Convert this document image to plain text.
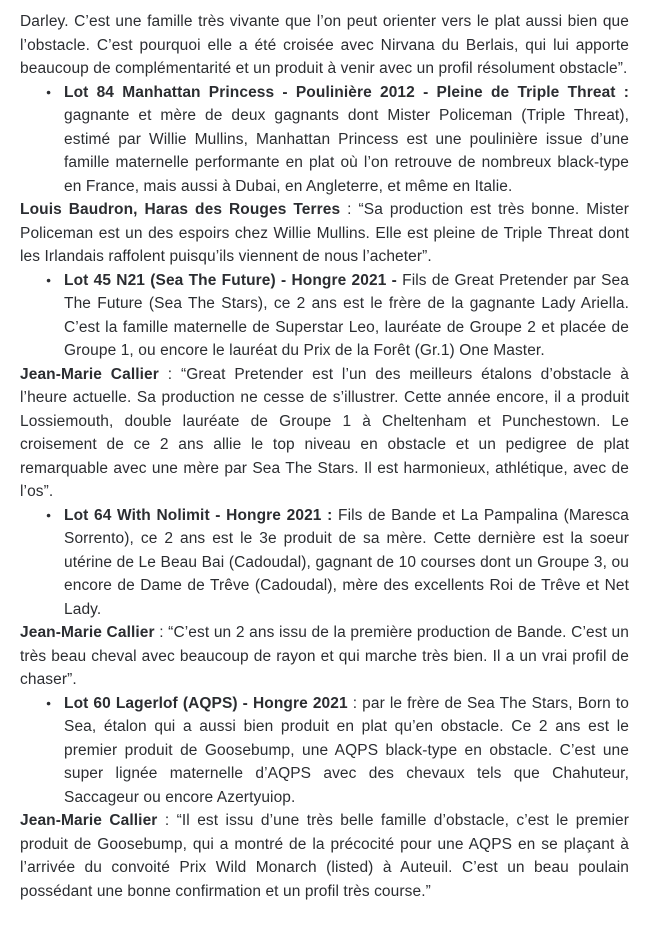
Darley. C’est une famille très vivante que l’on peut orienter vers le plat aussi bien que l’obstacle. C’est pourquoi elle a été croisée avec Nirvana du Berlais, qui lui apporte beaucoup de complémentarité et un produit à venir avec un profil résolument obstacle”.

● Lot 84 Manhattan Princess - Poulinière 2012 - Pleine de Triple Threat : gagnante et mère de deux gagnants dont Mister Policeman (Triple Threat), estimé par Willie Mullins, Manhattan Princess est une poulinière issue d’une famille maternelle performante en plat où l’on retrouve de nombreux black-type en France, mais aussi à Dubai, en Angleterre, et même en Italie.

Louis Baudron, Haras des Rouges Terres : “Sa production est très bonne. Mister Policeman est un des espoirs chez Willie Mullins. Elle est pleine de Triple Threat dont les Irlandais raffolent puisqu’ils viennent de nous l’acheter”.

● Lot 45 N21 (Sea The Future) - Hongre 2021 - Fils de Great Pretender par Sea The Future (Sea The Stars), ce 2 ans est le frère de la gagnante Lady Ariella. C’est la famille maternelle de Superstar Leo, lauréate de Groupe 2 et placée de Groupe 1, ou encore le lauréat du Prix de la Forêt (Gr.1) One Master.

Jean-Marie Callier : “Great Pretender est l’un des meilleurs étalons d’obstacle à l’heure actuelle. Sa production ne cesse de s’illustrer. Cette année encore, il a produit Lossiemouth, double lauréate de Groupe 1 à Cheltenham et Punchestown. Le croisement de ce 2 ans allie le top niveau en obstacle et un pedigree de plat remarquable avec une mère par Sea The Stars. Il est harmonieux, athlétique, avec de l’os”.

● Lot 64 With Nolimit - Hongre 2021 : Fils de Bande et La Pampalina (Maresca Sorrento), ce 2 ans est le 3e produit de sa mère. Cette dernière est la soeur utérine de Le Beau Bai (Cadoudal), gagnant de 10 courses dont un Groupe 3, ou encore de Dame de Trêve (Cadoudal), mère des excellents Roi de Trêve et Net Lady.

Jean-Marie Callier : “C’est un 2 ans issu de la première production de Bande. C’est un très beau cheval avec beaucoup de rayon et qui marche très bien. Il a un vrai profil de chaser”.

● Lot 60 Lagerlof (AQPS) - Hongre 2021 : par le frère de Sea The Stars, Born to Sea, étalon qui a aussi bien produit en plat qu’en obstacle. Ce 2 ans est le premier produit de Goosebump, une AQPS black-type en obstacle. C’est une super lignée maternelle d’AQPS avec des chevaux tels que Chahuteur, Saccageur ou encore Azertyuiop.

Jean-Marie Callier : “Il est issu d’une très belle famille d’obstacle, c’est le premier produit de Goosebump, qui a montré de la précocité pour une AQPS en se plaçant à l’arrivée du convoité Prix Wild Monarch (listed) à Auteuil. C’est un beau poulain possédant une bonne confirmation et un profil très course.”
